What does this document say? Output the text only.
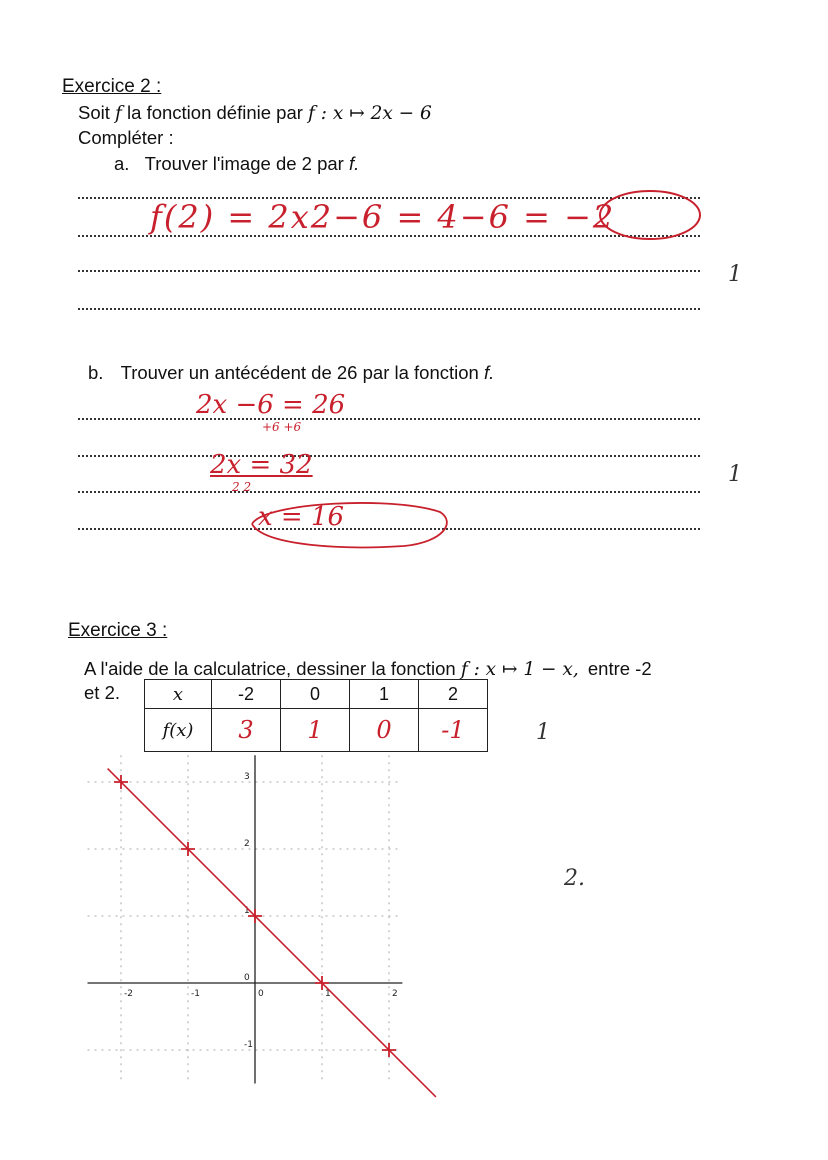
Exercice 2 :
Soit f la fonction définie par f : x ↦ 2x − 6
Compléter :
a. Trouver l'image de 2 par f.
f(2) = 2x2−6 = 4−6 = −2
1
b. Trouver un antécédent de 26 par la fonction f.
2x −6 = 26
+6 +6
2x = 32
2 2
x = 16
1
Exercice 3 :
A l'aide de la calculatrice, dessiner la fonction f : x ↦ 1 − x, entre -2
et 2.	x	-2	0	1	2
f(x)	3	1	0	-1	1
2.
-2	-1	0	1	2
3
2
1
-1
0
